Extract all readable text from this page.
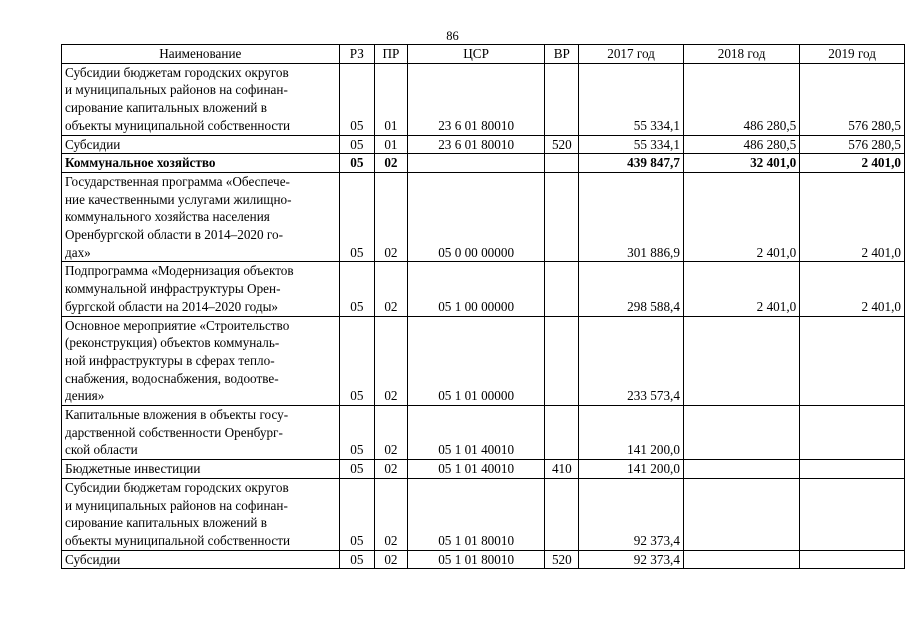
86
Наименование	РЗ	ПР	ЦСР	ВР	2017 год	2018 год	2019 год

Субсидии бюджетам городских округов
и муниципальных районов на софинан-
сирование капитальных вложений в
объекты муниципальной собственности	05	01	23 6 01 80010		55 334,1	486 280,5	576 280,5

Субсидии	05	01	23 6 01 80010	520	55 334,1	486 280,5	576 280,5

Коммунальное хозяйство	05	02			439 847,7	32 401,0	2 401,0

Государственная программа «Обеспече-
ние качественными услугами жилищно-
коммунального хозяйства населения
Оренбургской области в 2014–2020 го-
дах»	05	02	05 0 00 00000		301 886,9	2 401,0	2 401,0

Подпрограмма «Модернизация объектов
коммунальной инфраструктуры Орен-
бургской области на 2014–2020 годы»	05	02	05 1 00 00000		298 588,4	2 401,0	2 401,0

Основное мероприятие «Строительство
(реконструкция) объектов коммуналь-
ной инфраструктуры в сферах тепло-
снабжения, водоснабжения, водоотве-
дения»	05	02	05 1 01 00000		233 573,4		

Капитальные вложения в объекты госу-
дарственной собственности Оренбург-
ской области	05	02	05 1 01 40010		141 200,0		

Бюджетные инвестиции	05	02	05 1 01 40010	410	141 200,0		

Субсидии бюджетам городских округов
и муниципальных районов на софинан-
сирование капитальных вложений в
объекты муниципальной собственности	05	02	05 1 01 80010		92 373,4		

Субсидии	05	02	05 1 01 80010	520	92 373,4		
